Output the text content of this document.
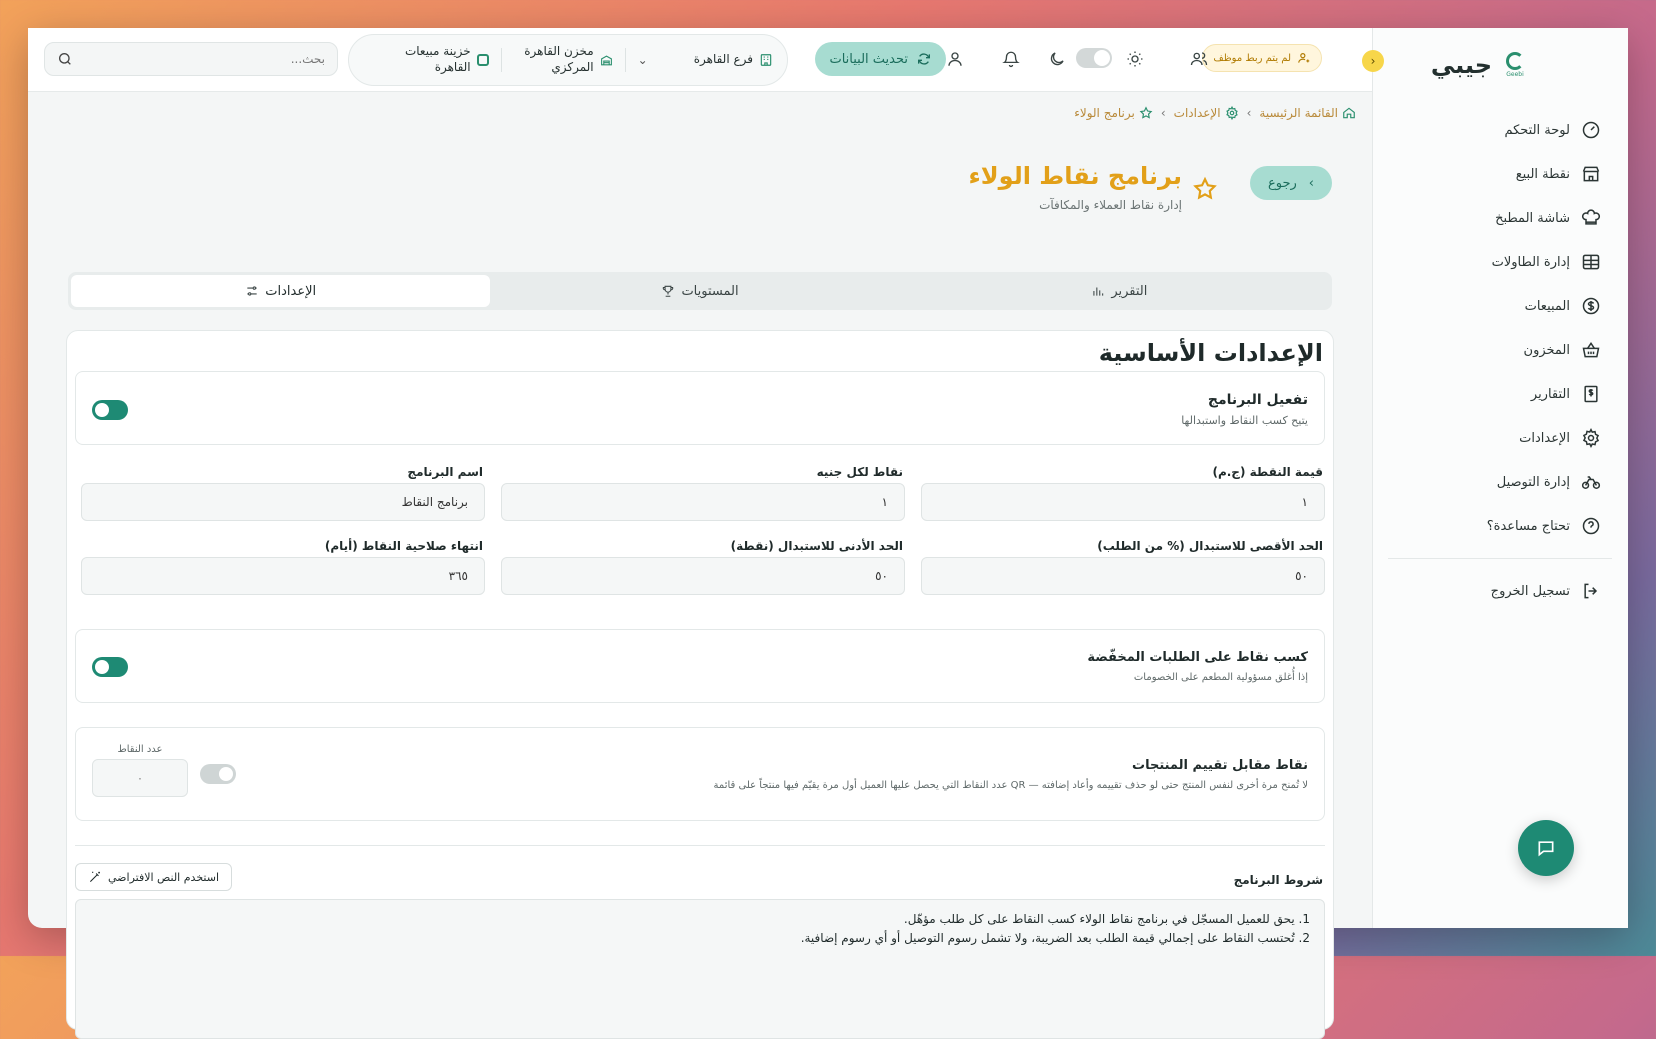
جيبي Geebi
لوحة التحكم
نقطة البيع
شاشة المطبخ
إدارة الطاولات
المبيعات
المخزون
التقارير
الإعدادات
إدارة التوصيل
تحتاج مساعدة؟
تسجيل الخروج
‹
لم يتم ربط موظف
تحديث البيانات
فرع القاهرة
⌄
مخزن القاهرة المركزي
خزينة مبيعات القاهرة
بحث...
القائمة الرئيسية
›
الإعدادات
›
برنامج الولاء
›
رجوع
برنامج نقاط الولاء
إدارة نقاط العملاء والمكافآت
التقرير
المستويات
الإعدادات
الإعدادات الأساسية
تفعيل البرنامج
يتيح كسب النقاط واستبدالها
قيمة النقطة (ج.م)
نقاط لكل جنيه
اسم البرنامج
١
١
برنامج النقاط
الحد الأقصى للاستبدال (% من الطلب)
الحد الأدنى للاستبدال (نقطة)
انتهاء صلاحية النقاط (أيام)
٥٠
٥٠
٣٦٥
كسب نقاط على الطلبات المخفّضة
إذا أُغلق مسؤولية المطعم على الخصومات
نقاط مقابل تقييم المنتجات
لا تُمنح مرة أخرى لنفس المنتج حتى لو حذف تقييمه وأعاد إضافته — QR عدد النقاط التي يحصل عليها العميل أول مرة يقيّم فيها منتجاً على قائمة
عدد النقاط
٠
شروط البرنامج
استخدم النص الافتراضي
1. يحق للعميل المسجّل في برنامج نقاط الولاء كسب النقاط على كل طلب مؤهّل.
2. تُحتسب النقاط على إجمالي قيمة الطلب بعد الضريبة، ولا تشمل رسوم التوصيل أو أي رسوم إضافية.
